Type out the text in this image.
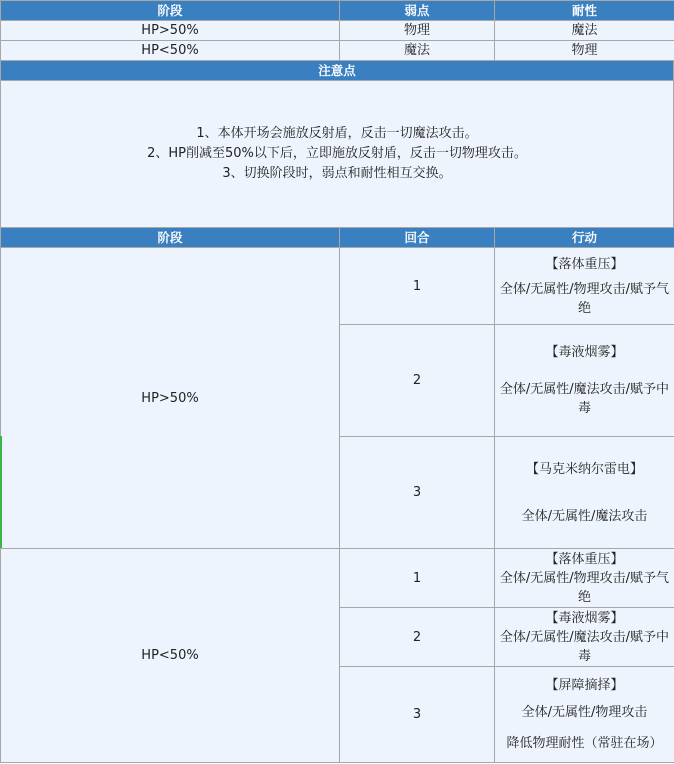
阶段	弱点	耐性
HP>50%	物理	魔法
HP<50%	魔法	物理
注意点

1、本体开场会施放反射盾，反击一切魔法攻击。
2、HP削减至50%以下后，立即施放反射盾，反击一切物理攻击。
3、切换阶段时，弱点和耐性相互交换。
阶段	回合	行动
HP>50%	1	【落体重压】
全体/无属性/物理攻击/赋予气绝
	2	【毒液烟雾】
全体/无属性/魔法攻击/赋予中毒
	3	【马克米纳尔雷电】
全体/无属性/魔法攻击
HP<50%	1	【落体重压】
全体/无属性/物理攻击/赋予气绝
	2	【毒液烟雾】
全体/无属性/魔法攻击/赋予中毒
	3	【屏障摘择】
全体/无属性/物理攻击
降低物理耐性（常驻在场）
